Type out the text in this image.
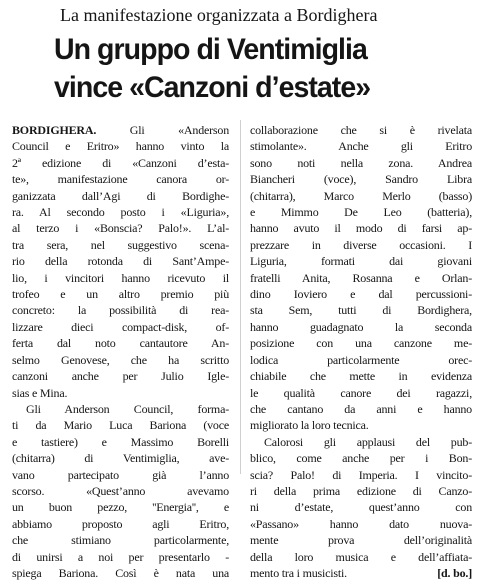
La manifestazione organizzata a Bordighera
Un gruppo di Ventimiglia
vince «Canzoni d’estate»
BORDIGHERA. Gli «Anderson
Council e Eritro» hanno vinto la
2ª edizione di «Canzoni d’esta-
te», manifestazione canora or-
ganizzata dall’Agi di Bordighe-
ra. Al secondo posto i «Liguria»,
al terzo i «Bonscia? Palo!». L’al-
tra sera, nel suggestivo scena-
rio della rotonda di Sant’Ampe-
lio, i vincitori hanno ricevuto il
trofeo e un altro premio più
concreto: la possibilità di rea-
lizzare dieci compact-disk, of-
ferta dal noto cantautore An-
selmo Genovese, che ha scritto
canzoni anche per Julio Igle-
sias e Mina.
Gli Anderson Council, forma-
ti da Mario Luca Bariona (voce
e tastiere) e Massimo Borelli
(chitarra) di Ventimiglia, ave-
vano partecipato già l’anno
scorso. «Quest’anno avevamo
un buon pezzo, ''Energia'', e
abbiamo proposto agli Eritro,
che stimiano particolarmente,
di unirsi a noi per presentarlo -
spiega Bariona. Così è nata una
collaborazione che si è rivelata
stimolante». Anche gli Eritro
sono noti nella zona. Andrea
Biancheri (voce), Sandro Libra
(chitarra), Marco Merlo (basso)
e Mimmo De Leo (batteria),
hanno avuto il modo di farsi ap-
prezzare in diverse occasioni. I
Liguria, formati dai giovani
fratelli Anita, Rosanna e Orlan-
dino Ioviero e dal percussioni-
sta Sem, tutti di Bordighera,
hanno guadagnato la seconda
posizione con una canzone me-
lodica particolarmente orec-
chiabile che mette in evidenza
le qualità canore dei ragazzi,
che cantano da anni e hanno
migliorato la loro tecnica.
Calorosi gli applausi del pub-
blico, come anche per i Bon-
scia? Palo! di Imperia. I vincito-
ri della prima edizione di Canzo-
ni d’estate, quest’anno con
«Passano» hanno dato nuova-
mente prova dell’originalità
della loro musica e dell’affiata-
mento tra i musicisti.	[d. bo.]
